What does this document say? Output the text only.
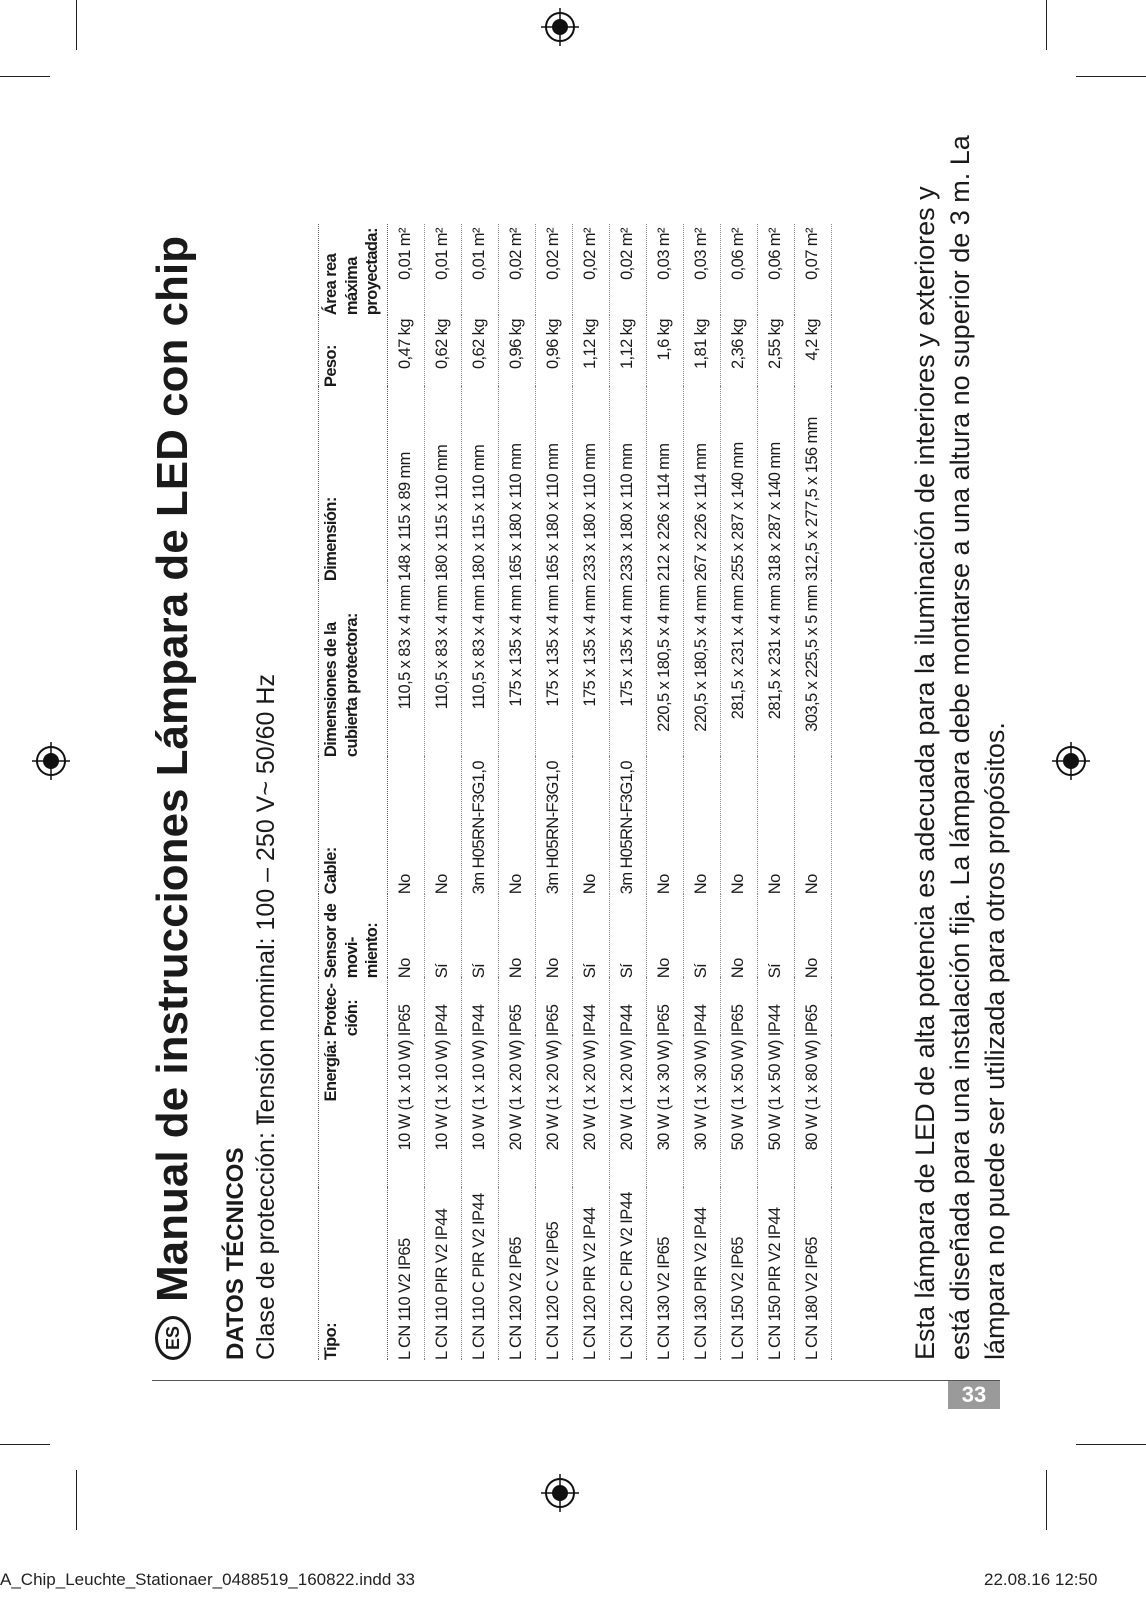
33
ES
Manual de instrucciones Lámpara de LED con chip DATOS TÉCNICOS Clase de protección: I Tensión nominal: 100 – 250 V~ 50/60 Hz
Tipo:	Energía:	Protec-ción:	Sensor de movi-miento:	Cable:	Dimensiones de la cubierta protectora:	Dimensión:	Peso:	Área rea máxima proyectada:
L CN 110 V2 IP65	10 W (1 x 10 W)	IP65	No	No	110,5 x 83 x 4 mm	148 x 115 x 89 mm	0,47 kg	0,01 m²
L CN 110 PIR V2 IP44	10 W (1 x 10 W)	IP44	Sí	No	110,5 x 83 x 4 mm	180 x 115 x 110 mm	0,62 kg	0,01 m²
L CN 110 C PIR V2 IP44	10 W (1 x 10 W)	IP44	Sí	3m H05RN-F3G1,0	110,5 x 83 x 4 mm	180 x 115 x 110 mm	0,62 kg	0,01 m²
L CN 120 V2 IP65	20 W (1 x 20 W)	IP65	No	No	175 x 135 x 4 mm	165 x 180 x 110 mm	0,96 kg	0,02 m²
L CN 120 C V2 IP65	20 W (1 x 20 W)	IP65	No	3m H05RN-F3G1,0	175 x 135 x 4 mm	165 x 180 x 110 mm	0,96 kg	0,02 m²
L CN 120 PIR V2 IP44	20 W (1 x 20 W)	IP44	Sí	No	175 x 135 x 4 mm	233 x 180 x 110 mm	1,12 kg	0,02 m²
L CN 120 C PIR V2 IP44	20 W (1 x 20 W)	IP44	Sí	3m H05RN-F3G1,0	175 x 135 x 4 mm	233 x 180 x 110 mm	1,12 kg	0,02 m²
L CN 130 V2 IP65	30 W (1 x 30 W)	IP65	No	No	220,5 x 180,5 x 4 mm	212 x 226 x 114 mm	1,6 kg	0,03 m²
L CN 130 PIR V2 IP44	30 W (1 x 30 W)	IP44	Sí	No	220,5 x 180,5 x 4 mm	267 x 226 x 114 mm	1,81 kg	0,03 m²
L CN 150 V2 IP65	50 W (1 x 50 W)	IP65	No	No	281,5 x 231 x 4 mm	255 x 287 x 140 mm	2,36 kg	0,06 m²
L CN 150 PIR V2 IP44	50 W (1 x 50 W)	IP44	Sí	No	281,5 x 231 x 4 mm	318 x 287 x 140 mm	2,55 kg	0,06 m²
L CN 180 V2 IP65	80 W (1 x 80 W)	IP65	No	No	303,5 x 225,5 x 5 mm	312,5 x 277,5 x 156 mm	4,2 kg	0,07 m²	Esta lámpara de LED de alta potencia es adecuada para la iluminación de interiores y exteriores y está diseñada para una instalación fija. La lámpara debe montarse a una altura no superior de 3 m. La lámpara no puede ser utilizada para otros propósitos.
A_Chip_Leuchte_Stationaer_0488519_160822.indd 33	22.08.16 12:50
